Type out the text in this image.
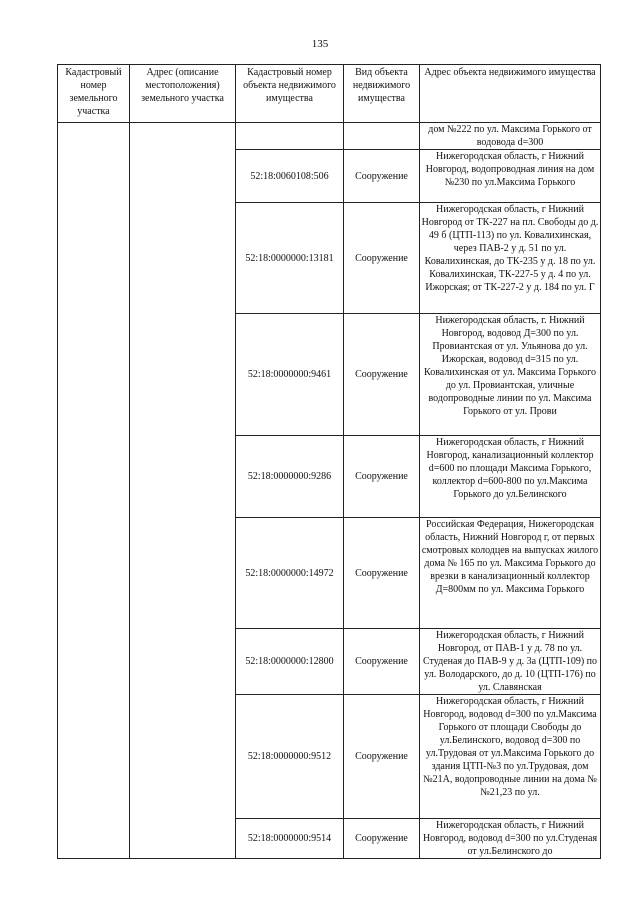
135
Кадастровый номер земельного участка	Адрес (описание местоположения) земельного участка	Кадастровый номер объекта недвижимого имущества	Вид объекта недвижимого имущества	Адрес объекта недвижимого имущества
				дом №222 по ул. Максима Горького от водовода d=300
		52:18:0060108:506	Сооружение	Нижегородская область, г Нижний Новгород, водопроводная линия на дом №230 по ул.Максима Горького
		52:18:0000000:13181	Сооружение	Нижегородская область, г Нижний Новгород от ТК-227 на пл. Свободы до д. 49 б (ЦТП-113) по ул. Ковалихинская, через ПАВ-2 у д. 51 по ул. Ковалихинская, до ТК-235 у д. 18 по ул. Ковалихинская, ТК-227-5 у д. 4 по ул. Ижорская; от ТК-227-2 у д. 184 по ул. Г
		52:18:0000000:9461	Сооружение	Нижегородская область, г. Нижний Новгород, водовод Д=300 по ул. Провиантская от ул. Ульянова до ул. Ижорская, водовод d=315 по ул. Ковалихинская от ул. Максима Горького до ул. Провиантская, уличные водопроводные линии по ул. Максима Горького от ул. Прови
		52:18:0000000:9286	Сооружение	Нижегородская область, г Нижний Новгород, канализационный коллектор d=600 по площади Максима Горького, коллектор d=600-800 по ул.Максима Горького до ул.Белинского
		52:18:0000000:14972	Сооружение	Российская Федерация, Нижегородская область, Нижний Новгород г, от первых смотровых колодцев на выпусках жилого дома № 165 по ул. Максима Горького до врезки в канализационный коллектор Д=800мм по ул. Максима Горького
		52:18:0000000:12800	Сооружение	Нижегородская область, г Нижний Новгород, от ПАВ-1 у д. 78 по ул. Студеная до ПАВ-9 у д. 3а (ЦТП-109) по ул. Володарского, до д. 10 (ЦТП-176) по ул. Славянская
		52:18:0000000:9512	Сооружение	Нижегородская область, г Нижний Новгород, водовод d=300 по ул.Максима Горького от площади Свободы до ул.Белинского, водовод d=300 по ул.Трудовая от ул.Максима Горького до здания ЦТП-№3 по ул.Трудовая, дом №21А, водопроводные линии на дома №№21,23 по ул.
		52:18:0000000:9514	Сооружение	Нижегородская область, г Нижний Новгород, водовод d=300 по ул.Студеная от ул.Белинского до
